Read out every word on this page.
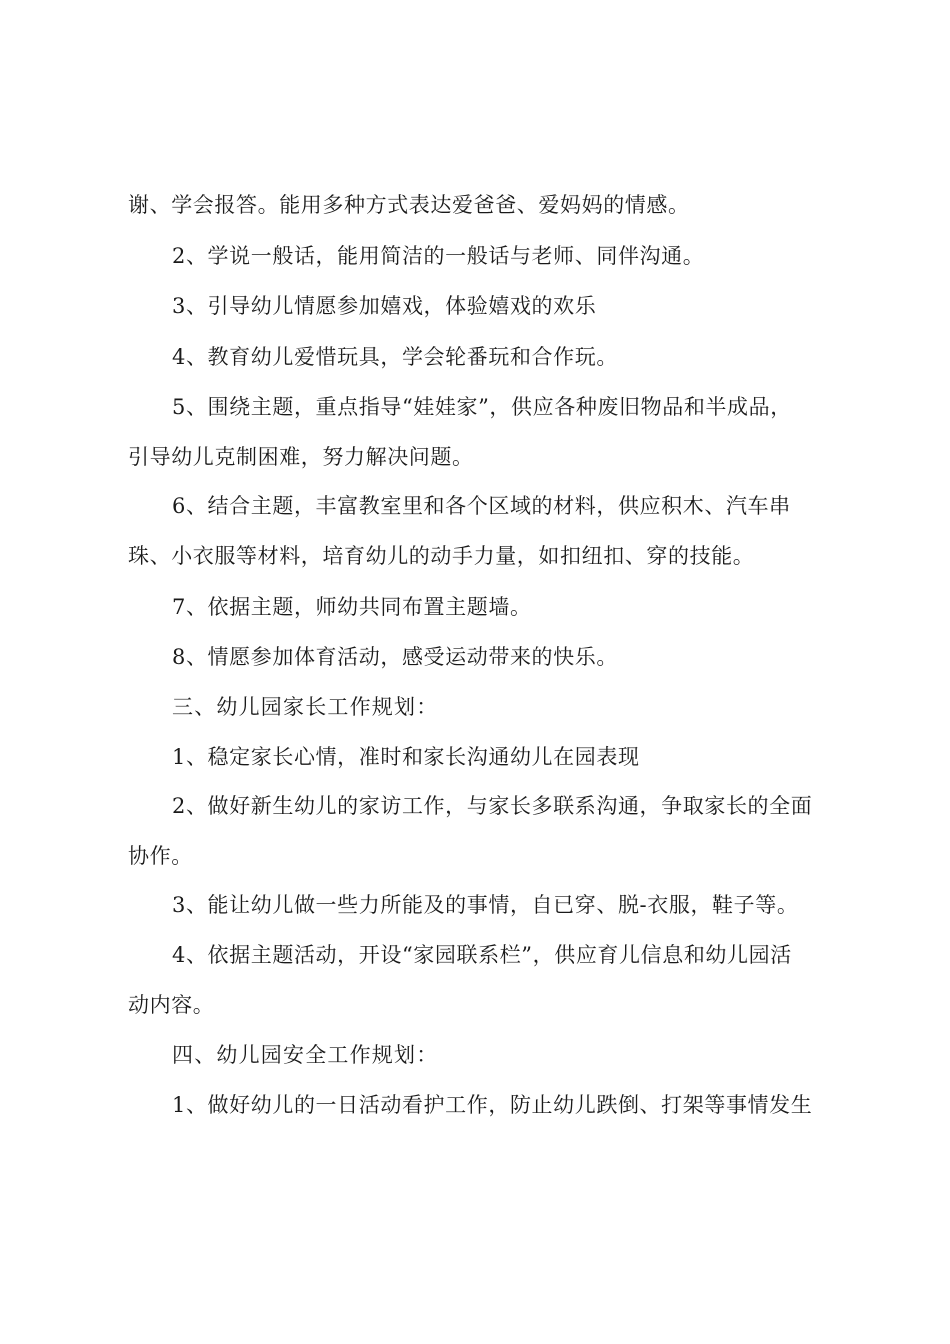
谢、学会报答。能用多种方式表达爱爸爸、爱妈妈的情感。
2、学说一般话，能用简洁的一般话与老师、同伴沟通。
3、引导幼儿情愿参加嬉戏，体验嬉戏的欢乐
4、教育幼儿爱惜玩具，学会轮番玩和合作玩。
5、围绕主题，重点指导“娃娃家”，供应各种废旧物品和半成品，
引导幼儿克制困难，努力解决问题。
6、结合主题，丰富教室里和各个区域的材料，供应积木、汽车串
珠、小衣服等材料，培育幼儿的动手力量，如扣纽扣、穿的技能。
7、依据主题，师幼共同布置主题墙。
8、情愿参加体育活动，感受运动带来的快乐。
三、幼儿园家长工作规划：
1、稳定家长心情，准时和家长沟通幼儿在园表现
2、做好新生幼儿的家访工作，与家长多联系沟通，争取家长的全面
协作。
3、能让幼儿做一些力所能及的事情，自已穿、脱-衣服，鞋子等。
4、依据主题活动，开设“家园联系栏”，供应育儿信息和幼儿园活
动内容。
四、幼儿园安全工作规划：
1、做好幼儿的一日活动看护工作，防止幼儿跌倒、打架等事情发生
